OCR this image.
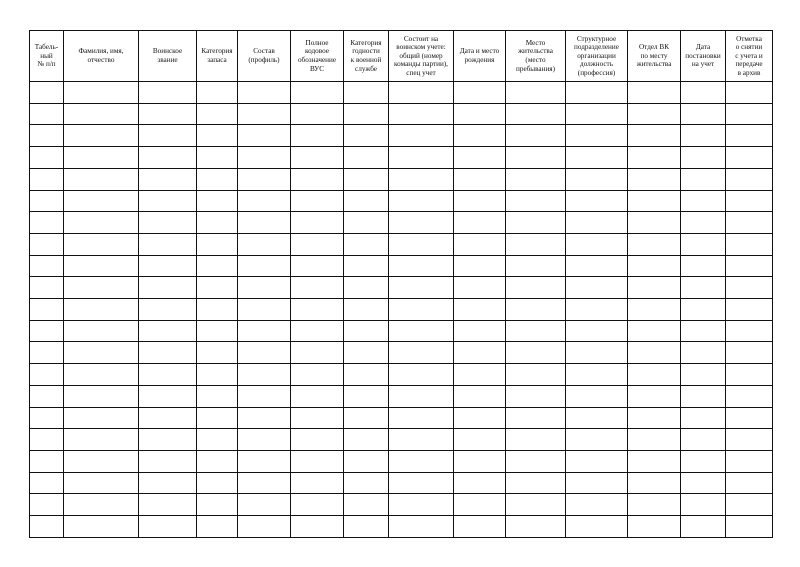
Табель-
ный
№ п/п	Фамилия, имя,
отчество	Воинское
звание	Категория
запаса	Состав
(профиль)	Полное
кодовое
обозначение
ВУС	Категория
годности
к военной
службе	Состоит на
воинском учете:
общий (номер
команды партии),
спец учет	Дата и место
рождения	Место
жительства
(место
пребывания)	Структурное
подразделение
организации
должность
(профессия)	Отдел ВК
по месту
жительства	Дата
постановки
на учет	Отметка
о снятии
с учета и
передаче
в архив
